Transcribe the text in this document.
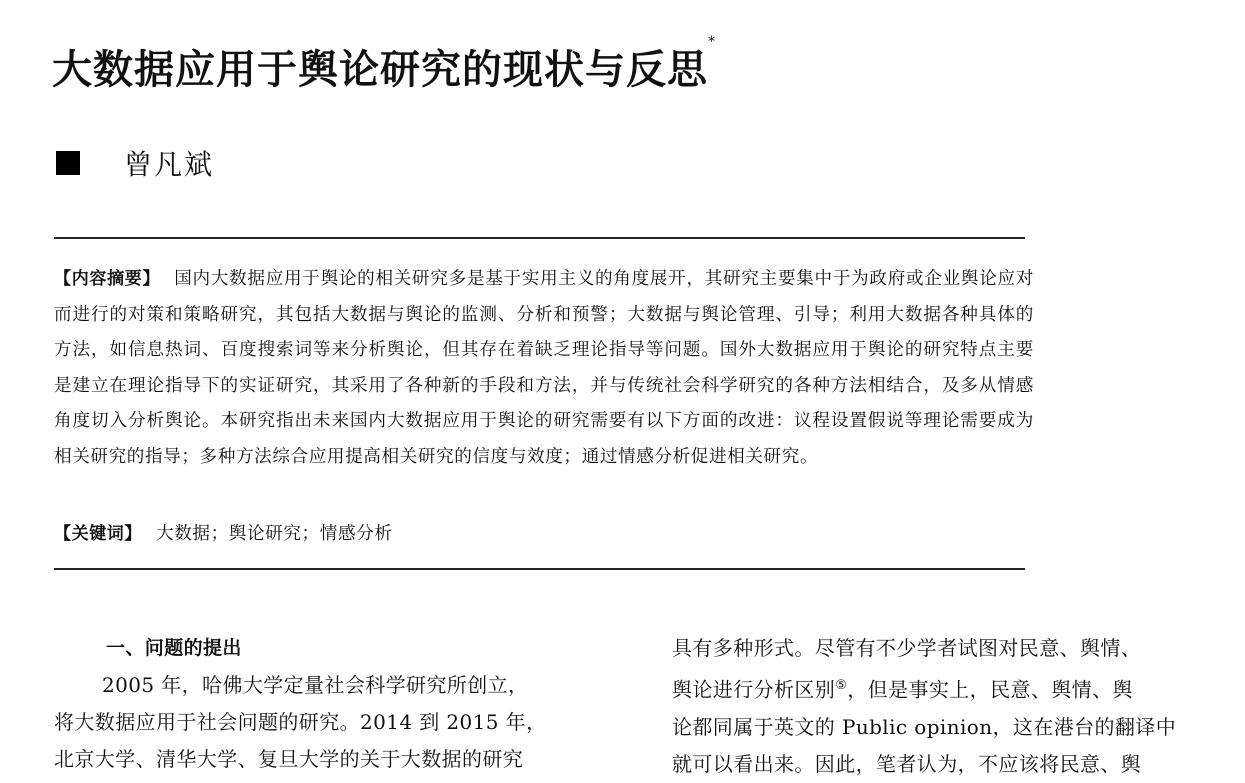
大数据应用于舆论研究的现状与反思*
曾凡斌

【内容摘要】 国内大数据应用于舆论的相关研究多是基于实用主义的角度展开，其研究主要集中于为政府或企业舆论应对而进行的对策和策略研究，其包括大数据与舆论的监测、分析和预警；大数据与舆论管理、引导；利用大数据各种具体的方法，如信息热词、百度搜索词等来分析舆论，但其存在着缺乏理论指导等问题。国外大数据应用于舆论的研究特点主要是建立在理论指导下的实证研究，其采用了各种新的手段和方法，并与传统社会科学研究的各种方法相结合，及多从情感角度切入分析舆论。本研究指出未来国内大数据应用于舆论的研究需要有以下方面的改进：议程设置假说等理论需要成为相关研究的指导；多种方法综合应用提高相关研究的信度与效度；通过情感分析促进相关研究。

【关键词】 大数据；舆论研究；情感分析

一、问题的提出

2005 年，哈佛大学定量社会科学研究所创立，

将大数据应用于社会问题的研究。2014 到 2015 年，

北京大学、清华大学、复旦大学的关于大数据的研究

具有多种形式。尽管有不少学者试图对民意、舆情、

舆论进行分析区别⑤，但是事实上，民意、舆情、舆

论都同属于英文的 Public opinion，这在港台的翻译中

就可以看出来。因此，笔者认为，不应该将民意、舆
